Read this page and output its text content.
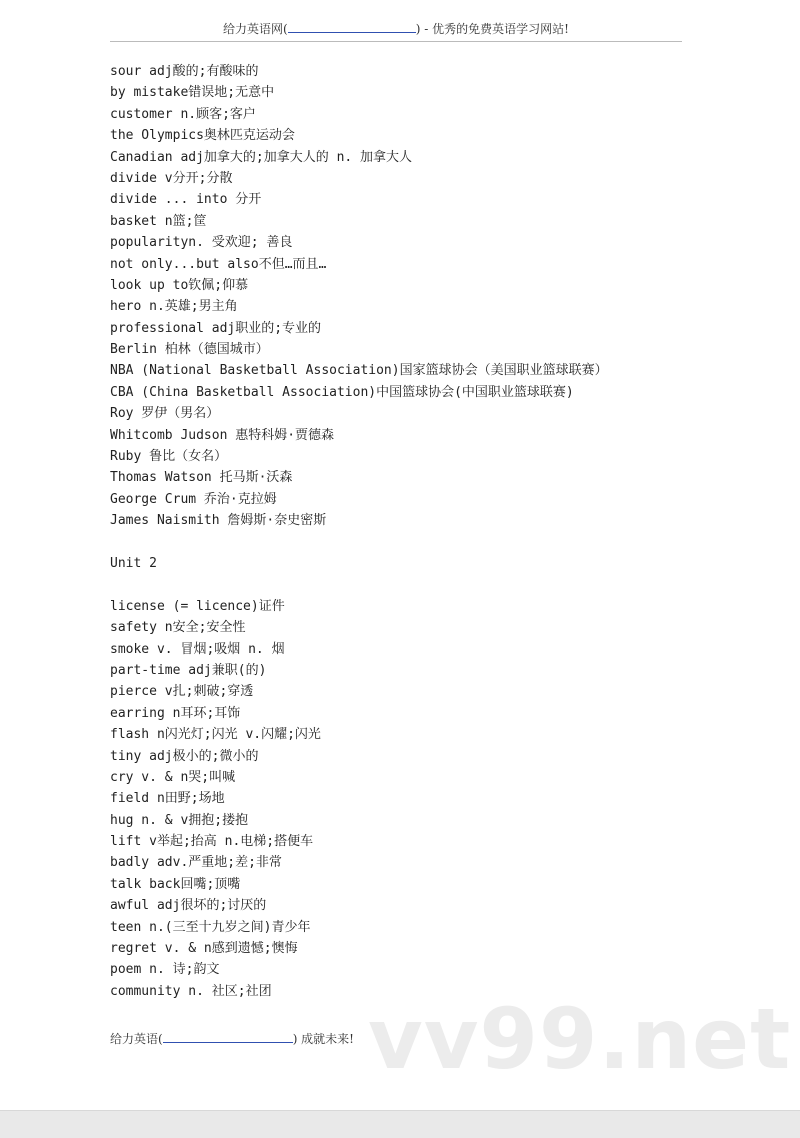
给力英语网(	) - 优秀的免费英语学习网站!
sour adj酸的;有酸味的
by mistake错误地;无意中
customer n.顾客;客户
the Olympics奥林匹克运动会
Canadian adj加拿大的;加拿大人的 n. 加拿大人
divide v分开;分散
divide ... into 分开
basket n篮;筐
popularityn. 受欢迎; 善良
not only...but also不但…而且…
look up to钦佩;仰慕
hero n.英雄;男主角
professional adj职业的;专业的
Berlin 柏林（德国城市）
NBA (National Basketball Association)国家篮球协会（美国职业篮球联赛）
CBA (China Basketball Association)中国篮球协会(中国职业篮球联赛)
Roy 罗伊（男名）
Whitcomb Judson 惠特科姆·贾德森
Ruby 鲁比（女名）
Thomas Watson 托马斯·沃森
George Crum 乔治·克拉姆
James Naismith 詹姆斯·奈史密斯
Unit 2
license (= licence)证件
safety n安全;安全性
smoke v. 冒烟;吸烟 n. 烟
part-time adj兼职(的)
pierce v扎;刺破;穿透
earring n耳环;耳饰
flash n闪光灯;闪光 v.闪耀;闪光
tiny adj极小的;微小的
cry v. & n哭;叫喊
field n田野;场地
hug n. & v拥抱;搂抱
lift v举起;抬高 n.电梯;搭便车
badly adv.严重地;差;非常
talk back回嘴;顶嘴
awful adj很坏的;讨厌的
teen n.(三至十九岁之间)青少年
regret v. & n感到遗憾;懊悔
poem n. 诗;韵文
community n. 社区;社团	vv99.net
给力英语(	) 成就未来!
